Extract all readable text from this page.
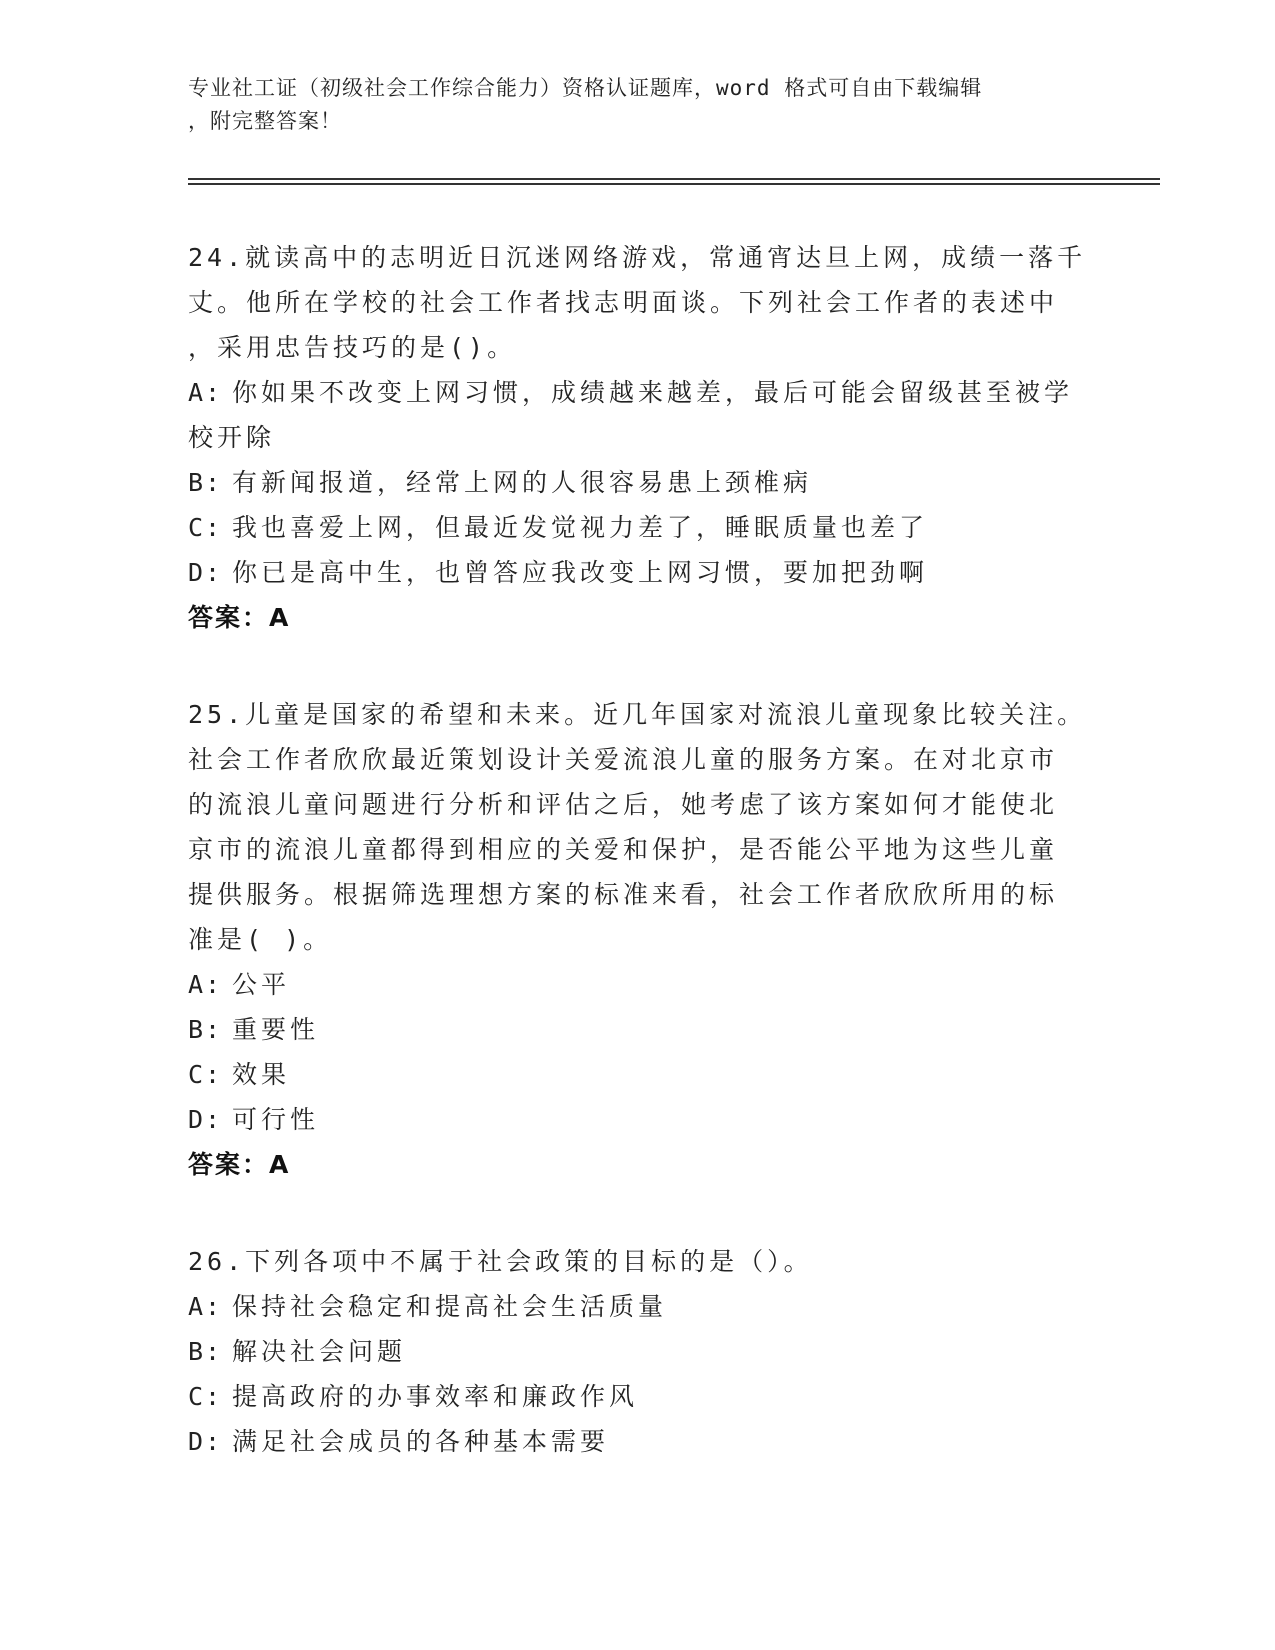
专业社工证（初级社会工作综合能力）资格认证题库，word 格式可自由下载编辑
，附完整答案！

24.就读高中的志明近日沉迷网络游戏，常通宵达旦上网，成绩一落千

丈。他所在学校的社会工作者找志明面谈。下列社会工作者的表述中

，采用忠告技巧的是()。

A: 你如果不改变上网习惯，成绩越来越差，最后可能会留级甚至被学

校开除

B: 有新闻报道，经常上网的人很容易患上颈椎病

C: 我也喜爱上网，但最近发觉视力差了，睡眠质量也差了

D: 你已是高中生，也曾答应我改变上网习惯，要加把劲啊

答案：A

25.儿童是国家的希望和未来。近几年国家对流浪儿童现象比较关注。

社会工作者欣欣最近策划设计关爱流浪儿童的服务方案。在对北京市

的流浪儿童问题进行分析和评估之后，她考虑了该方案如何才能使北

京市的流浪儿童都得到相应的关爱和保护，是否能公平地为这些儿童

提供服务。根据筛选理想方案的标准来看，社会工作者欣欣所用的标

准是( )。

A: 公平

B: 重要性

C: 效果

D: 可行性

答案：A

26.下列各项中不属于社会政策的目标的是（）。

A: 保持社会稳定和提高社会生活质量

B: 解决社会问题

C: 提高政府的办事效率和廉政作风

D: 满足社会成员的各种基本需要
